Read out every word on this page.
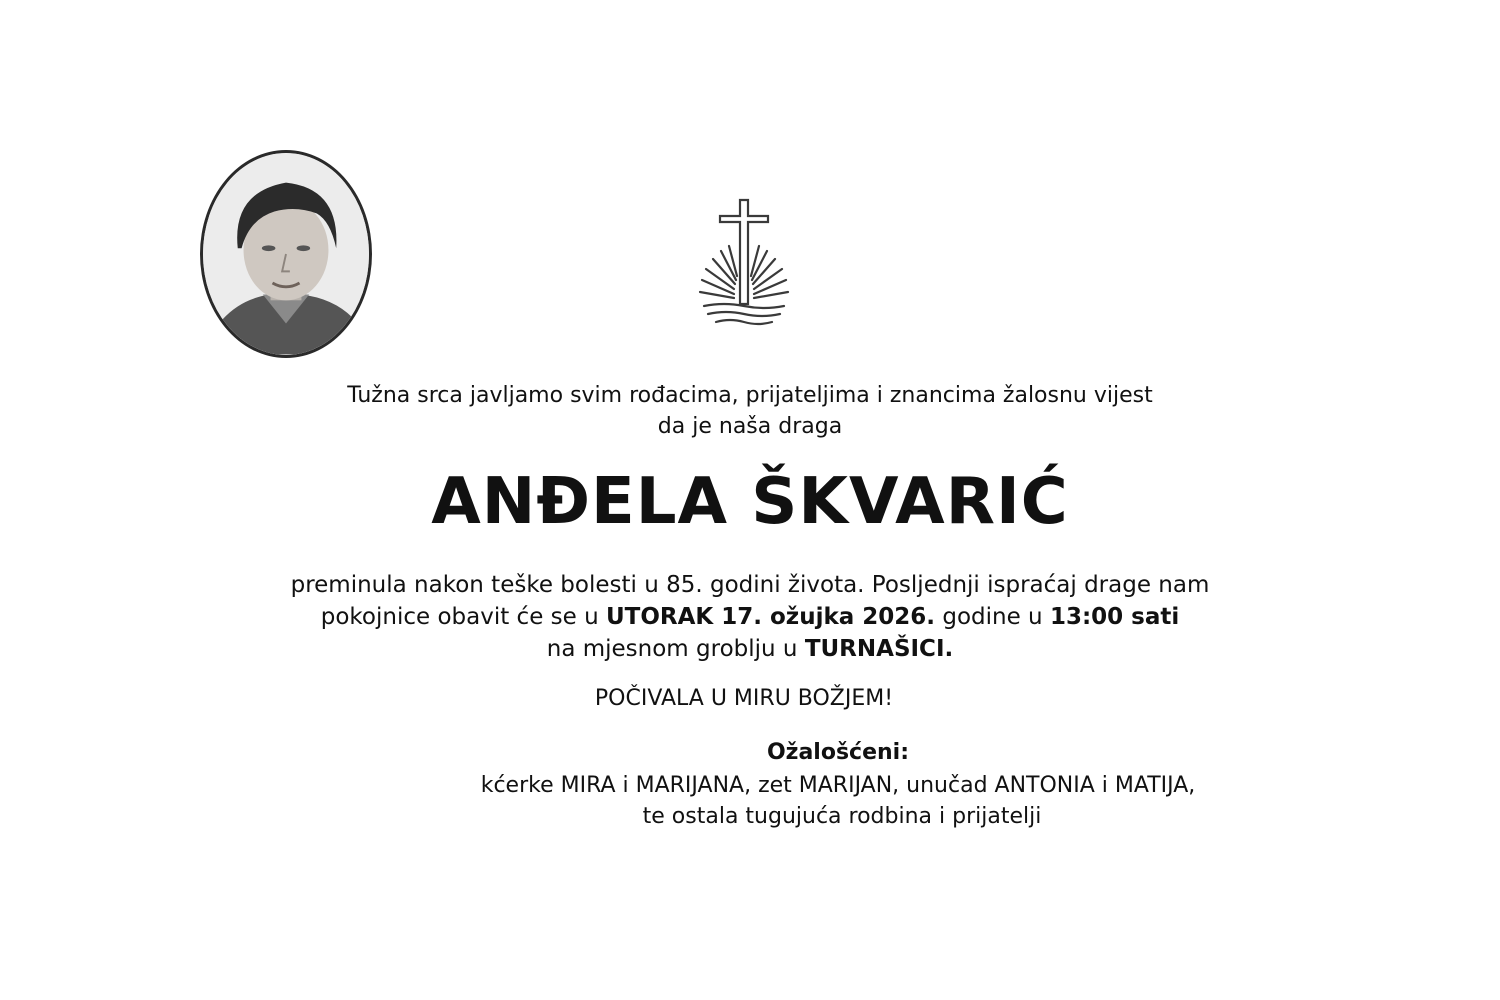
Tužna srca javljamo svim rođacima, prijateljima i znancima žalosnu vijest
da je naša draga
ANĐELA ŠKVARIĆ
preminula nakon teške bolesti u 85. godini života. Posljednji ispraćaj drage nam
pokojnice obavit će se u UTORAK 17. ožujka 2026. godine u 13:00 sati
na mjesnom groblju u TURNAŠICI.
POČIVALA U MIRU BOŽJEM!
Ožalošćeni:
kćerke MIRA i MARIJANA, zet MARIJAN, unučad ANTONIA i MATIJA,
te ostala tugujuća rodbina i prijatelji
